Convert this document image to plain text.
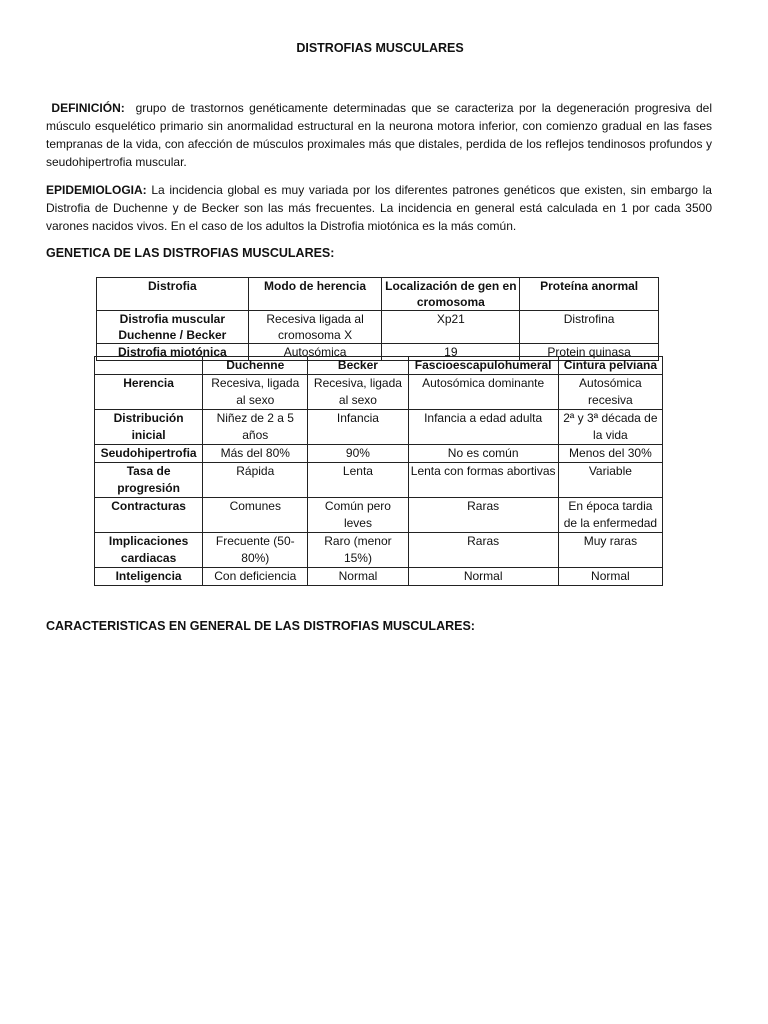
DISTROFIAS MUSCULARES
DEFINICIÓN: grupo de trastornos genéticamente determinadas que se caracteriza por la degeneración progresiva del músculo esquelético primario sin anormalidad estructural en la neurona motora inferior, con comienzo gradual en las fases tempranas de la vida, con afección de músculos proximales más que distales, perdida de los reflejos tendinosos profundos y seudohipertrofia muscular.
EPIDEMIOLOGIA: La incidencia global es muy variada por los diferentes patrones genéticos que existen, sin embargo la Distrofia de Duchenne y de Becker son las más frecuentes. La incidencia en general está calculada en 1 por cada 3500 varones nacidos vivos. En el caso de los adultos la Distrofia miotónica es la más común.
GENETICA DE LAS DISTROFIAS MUSCULARES:
Distrofia	Modo de herencia	Localización de gen en cromosoma	Proteína anormal
Distrofia muscular Duchenne / Becker	Recesiva ligada al cromosoma X	Xp21	Distrofina
Distrofia miotónica	Autosómica	19	Protein quinasa
	Duchenne	Becker	Fascioescapulohumeral	Cintura pelviana
Herencia	Recesiva, ligada al sexo	Recesiva, ligada al sexo	Autosómica dominante	Autosómica recesiva
Distribución inicial	Niñez de 2 a 5 años	Infancia	Infancia a edad adulta	2ª y 3ª década de la vida
Seudohipertrofia	Más del 80%	90%	No es común	Menos del 30%
Tasa de progresión	Rápida	Lenta	Lenta con formas abortivas	Variable
Contracturas	Comunes	Común pero leves	Raras	En época tardia de la enfermedad
Implicaciones cardiacas	Frecuente (50-80%)	Raro (menor 15%)	Raras	Muy raras
Inteligencia	Con deficiencia	Normal	Normal	Normal
CARACTERISTICAS EN GENERAL DE LAS DISTROFIAS MUSCULARES:
